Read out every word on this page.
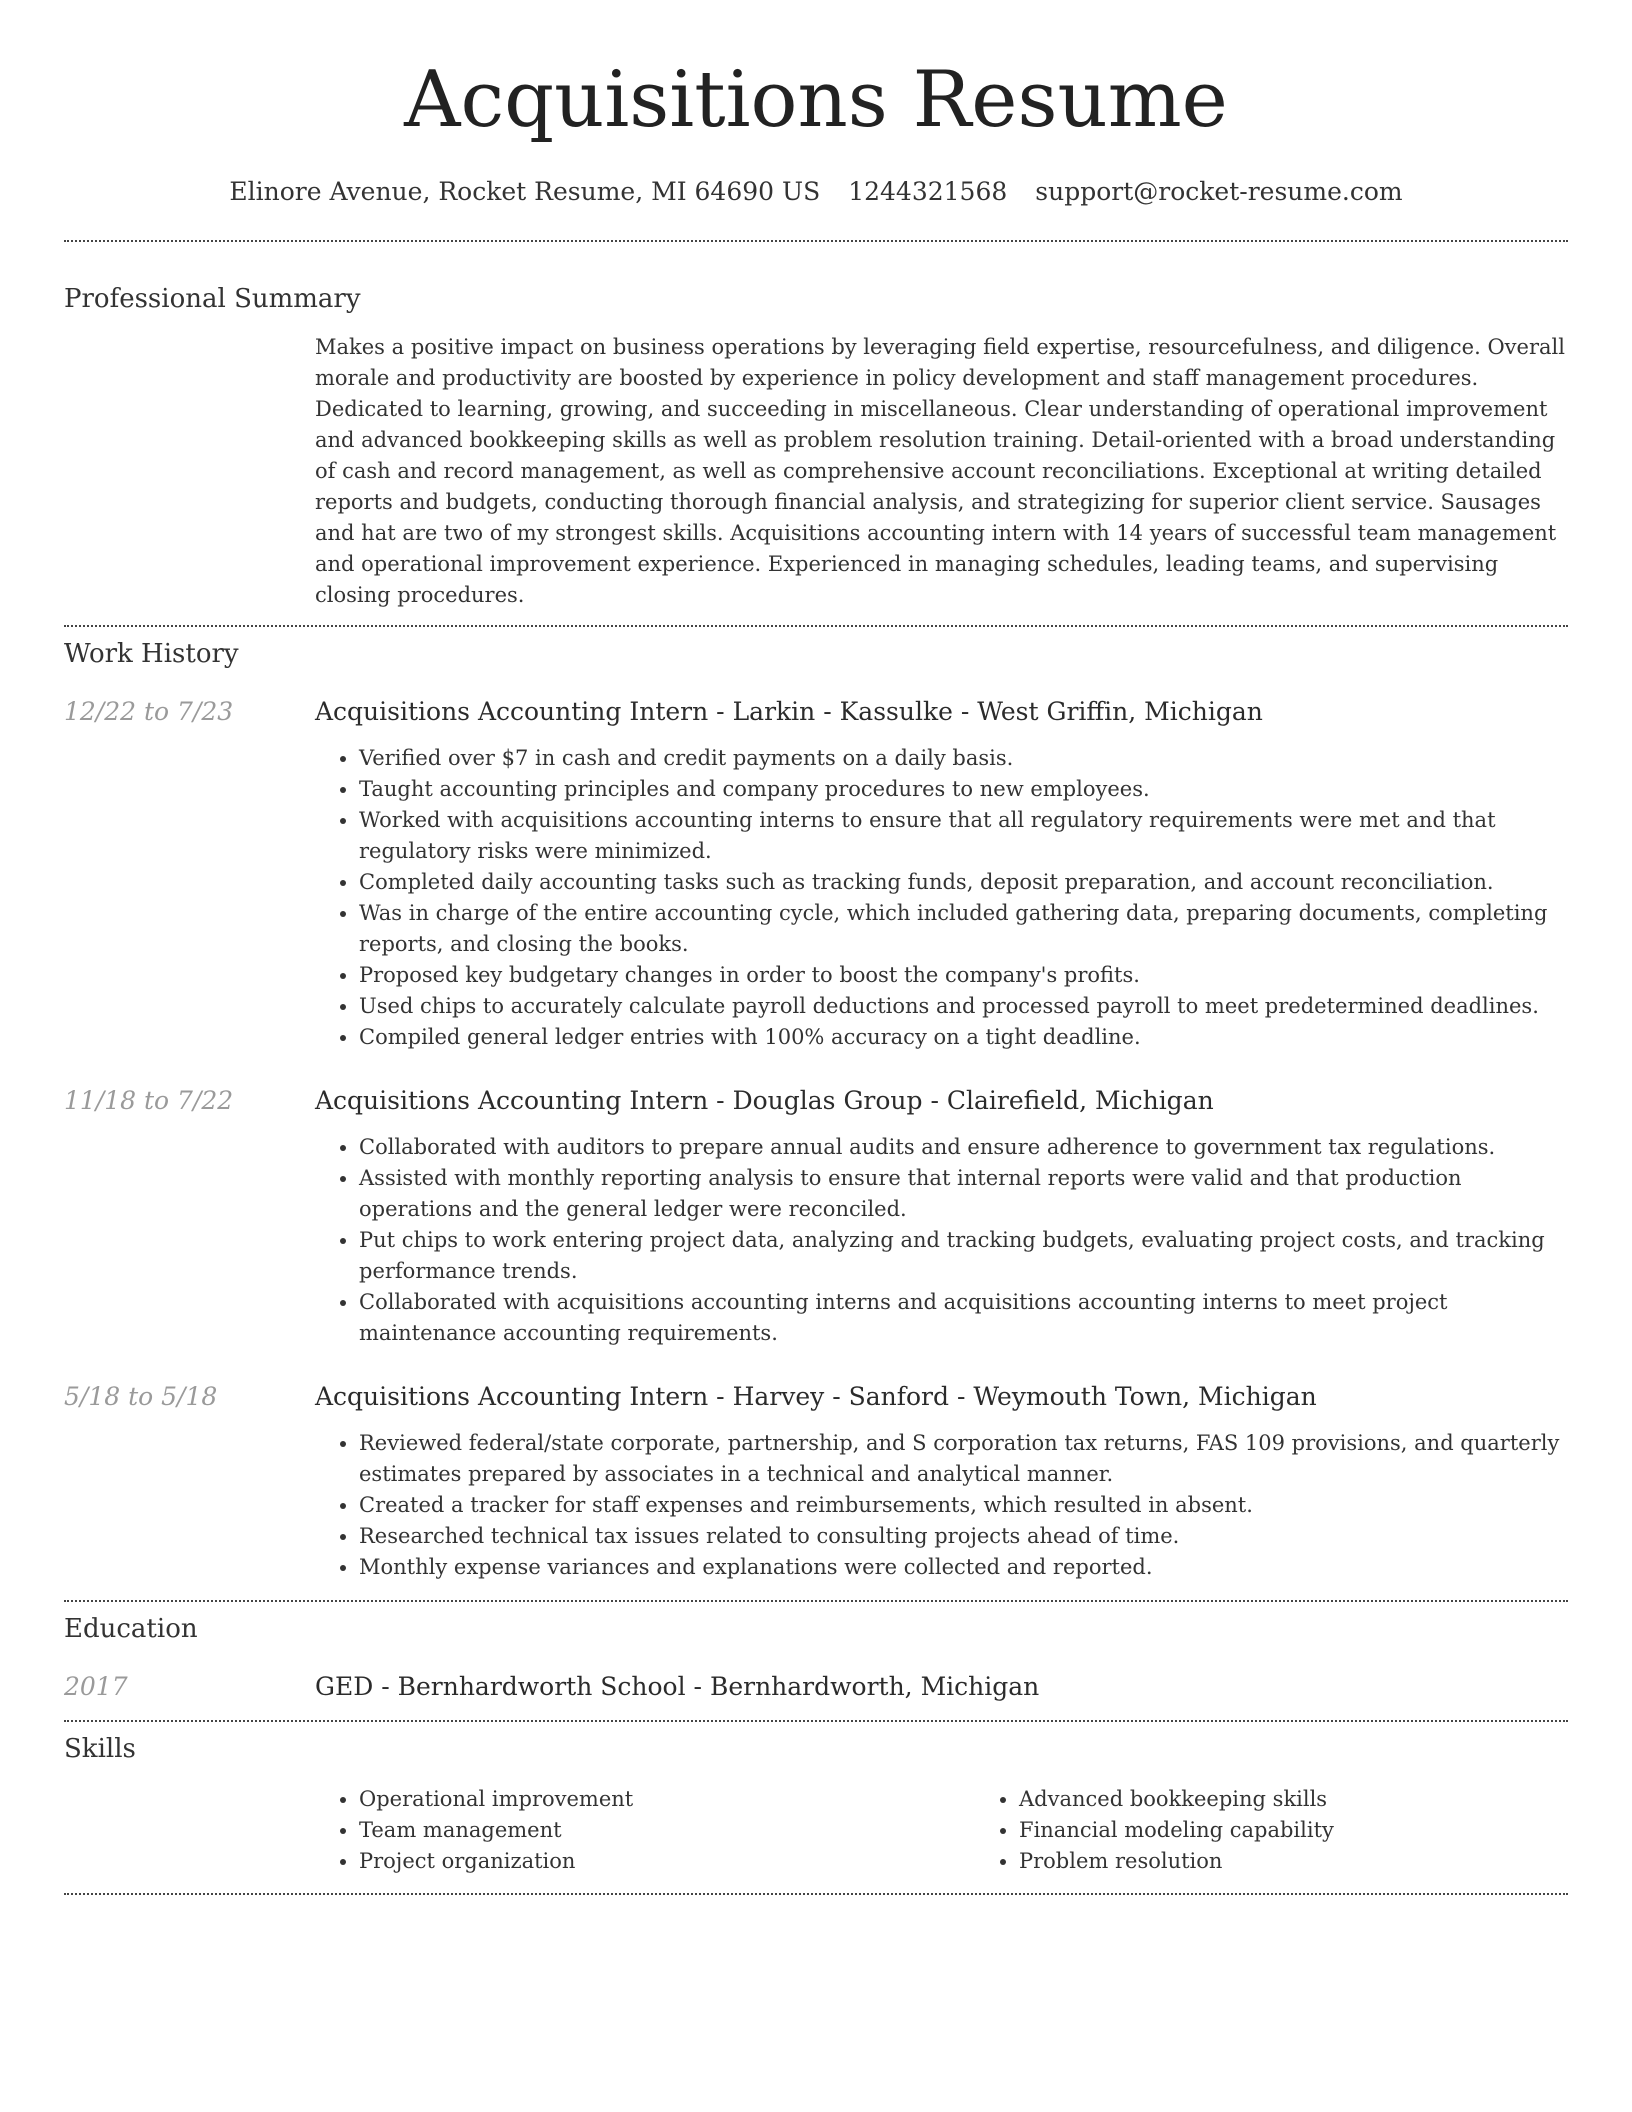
Acquisitions Resume
Elinore Avenue, Rocket Resume, MI 64690 US 1244321568 support@rocket-resume.com
Professional Summary
Makes a positive impact on business operations by leveraging field expertise, resourcefulness, and diligence. Overall morale and productivity are boosted by experience in policy development and staff management procedures. Dedicated to learning, growing, and succeeding in miscellaneous. Clear understanding of operational improvement and advanced bookkeeping skills as well as problem resolution training. Detail-oriented with a broad understanding of cash and record management, as well as comprehensive account reconciliations. Exceptional at writing detailed reports and budgets, conducting thorough financial analysis, and strategizing for superior client service. Sausages and hat are two of my strongest skills. Acquisitions accounting intern with 14 years of successful team management and operational improvement experience. Experienced in managing schedules, leading teams, and supervising closing procedures.
Work History
12/22 to 7/23	Acquisitions Accounting Intern - Larkin - Kassulke - West Griffin, Michigan
• Verified over $7 in cash and credit payments on a daily basis.
• Taught accounting principles and company procedures to new employees.
• Worked with acquisitions accounting interns to ensure that all regulatory requirements were met and that regulatory risks were minimized.
• Completed daily accounting tasks such as tracking funds, deposit preparation, and account reconciliation.
• Was in charge of the entire accounting cycle, which included gathering data, preparing documents, completing reports, and closing the books.
• Proposed key budgetary changes in order to boost the company's profits.
• Used chips to accurately calculate payroll deductions and processed payroll to meet predetermined deadlines.
• Compiled general ledger entries with 100% accuracy on a tight deadline.
11/18 to 7/22	Acquisitions Accounting Intern - Douglas Group - Clairefield, Michigan
• Collaborated with auditors to prepare annual audits and ensure adherence to government tax regulations.
• Assisted with monthly reporting analysis to ensure that internal reports were valid and that production operations and the general ledger were reconciled.
• Put chips to work entering project data, analyzing and tracking budgets, evaluating project costs, and tracking performance trends.
• Collaborated with acquisitions accounting interns and acquisitions accounting interns to meet project maintenance accounting requirements.
5/18 to 5/18	Acquisitions Accounting Intern - Harvey - Sanford - Weymouth Town, Michigan
• Reviewed federal/state corporate, partnership, and S corporation tax returns, FAS 109 provisions, and quarterly estimates prepared by associates in a technical and analytical manner.
• Created a tracker for staff expenses and reimbursements, which resulted in absent.
• Researched technical tax issues related to consulting projects ahead of time.
• Monthly expense variances and explanations were collected and reported.
Education
2017	GED - Bernhardworth School - Bernhardworth, Michigan
Skills
• Operational improvement
• Team management
• Project organization
• Advanced bookkeeping skills
• Financial modeling capability
• Problem resolution
